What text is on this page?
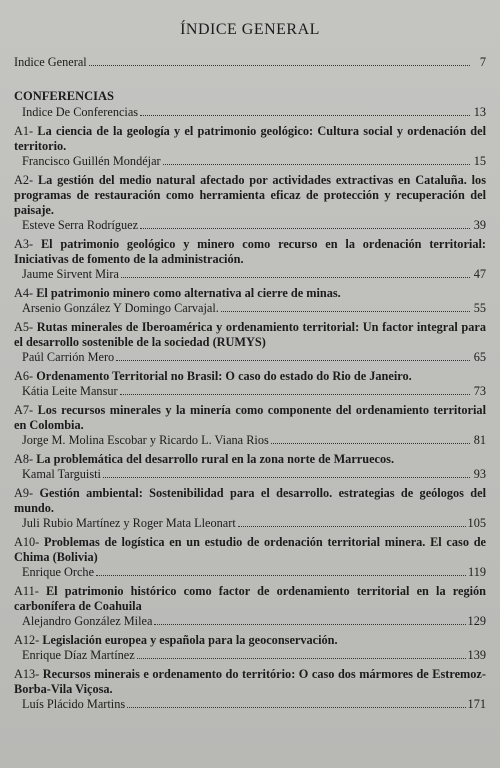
ÍNDICE GENERAL
Indice General	7
CONFERENCIAS
Indice De Conferencias	13
A1- La ciencia de la geología y el patrimonio geológico: Cultura social y ordenación del territorio.
Francisco Guillén Mondéjar	15
A2- La gestión del medio natural afectado por actividades extractivas en Cataluña. los programas de restauración como herramienta eficaz de protección y recuperación del paisaje.
Esteve Serra Rodríguez	39
A3- El patrimonio geológico y minero como recurso en la ordenación territorial: Iniciativas de fomento de la administración.
Jaume Sirvent Mira	47
A4- El patrimonio minero como alternativa al cierre de minas.
Arsenio González Y Domingo Carvajal.	55
A5- Rutas minerales de Iberoamérica y ordenamiento territorial: Un factor integral para el desarrollo sostenible de la sociedad (RUMYS)
Paúl Carrión Mero	65
A6- Ordenamento Territorial no Brasil: O caso do estado do Rio de Janeiro.
Kátia Leite Mansur	73
A7- Los recursos minerales y la minería como componente del ordenamiento territorial en Colombia.
Jorge M. Molina Escobar y Ricardo L. Viana Rios	81
A8- La problemática del desarrollo rural en la zona norte de Marruecos.
Kamal Targuisti	93
A9- Gestión ambiental: Sostenibilidad para el desarrollo. estrategias de geólogos del mundo.
Juli Rubio Martínez y Roger Mata Lleonart	105
A10- Problemas de logística en un estudio de ordenación territorial minera. El caso de Chima (Bolivia)
Enrique Orche	119
A11- El patrimonio histórico como factor de ordenamiento territorial en la región carbonífera de Coahuila
Alejandro González Milea	129
A12- Legislación europea y española para la geoconservación.
Enrique Díaz Martínez	139
A13- Recursos minerais e ordenamento do território: O caso dos mármores de Estremoz-Borba-Vila Viçosa.
Luís Plácido Martins	171
